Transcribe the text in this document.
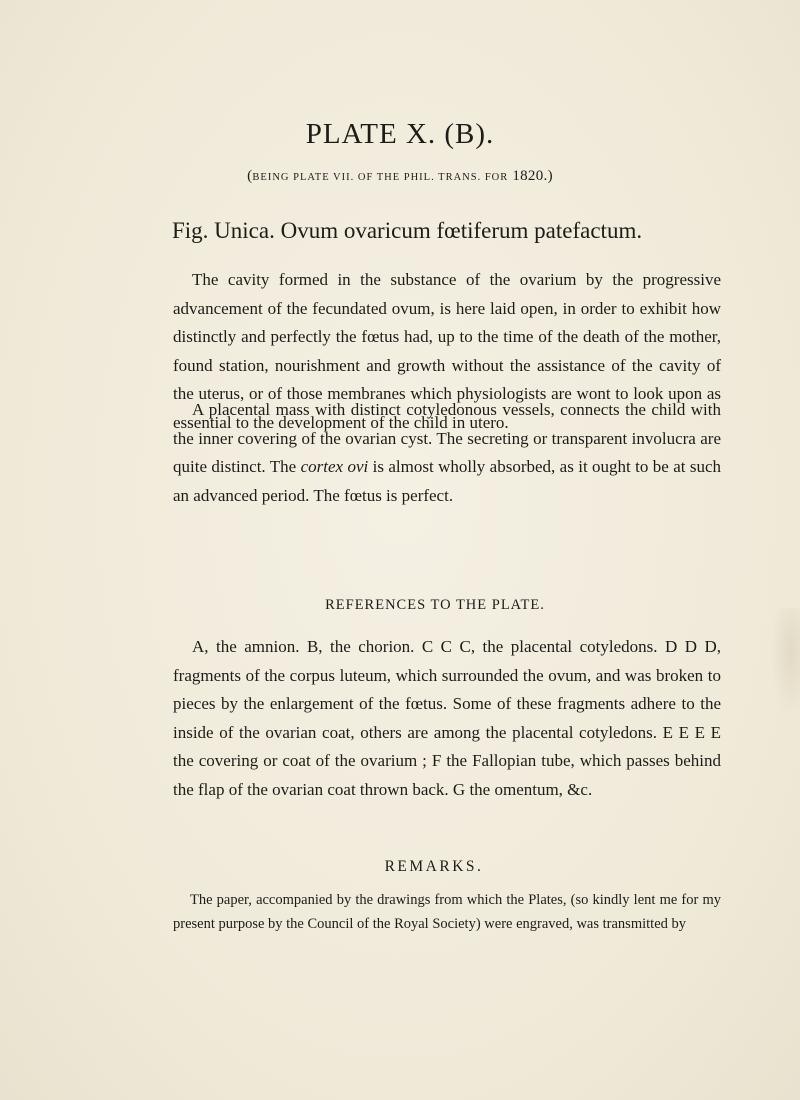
PLATE X. (B).
(BEING PLATE VII. OF THE PHIL. TRANS. FOR 1820.)
Fig. Unica. Ovum ovaricum fœtiferum patefactum.

The cavity formed in the substance of the ovarium by the progressive advancement of the fecundated ovum, is here laid open, in order to exhibit how distinctly and perfectly the fœtus had, up to the time of the death of the mother, found station, nourishment and growth without the assistance of the cavity of the uterus, or of those membranes which physiologists are wont to look upon as essential to the development of the child in utero.

A placental mass with distinct cotyledonous vessels, connects the child with the inner covering of the ovarian cyst. The secreting or transparent involucra are quite distinct. The cortex ovi is almost wholly absorbed, as it ought to be at such an advanced period. The fœtus is perfect.

REFERENCES TO THE PLATE.

A, the amnion. B, the chorion. C C C, the placental cotyledons. D D D, fragments of the corpus luteum, which surrounded the ovum, and was broken to pieces by the enlargement of the fœtus. Some of these fragments adhere to the inside of the ovarian coat, others are among the placental cotyledons. E E E E the covering or coat of the ovarium ; F the Fallopian tube, which passes behind the flap of the ovarian coat thrown back. G the omentum, &c.

REMARKS.

The paper, accompanied by the drawings from which the Plates, (so kindly lent me for my present purpose by the Council of the Royal Society) were engraved, was transmitted by
